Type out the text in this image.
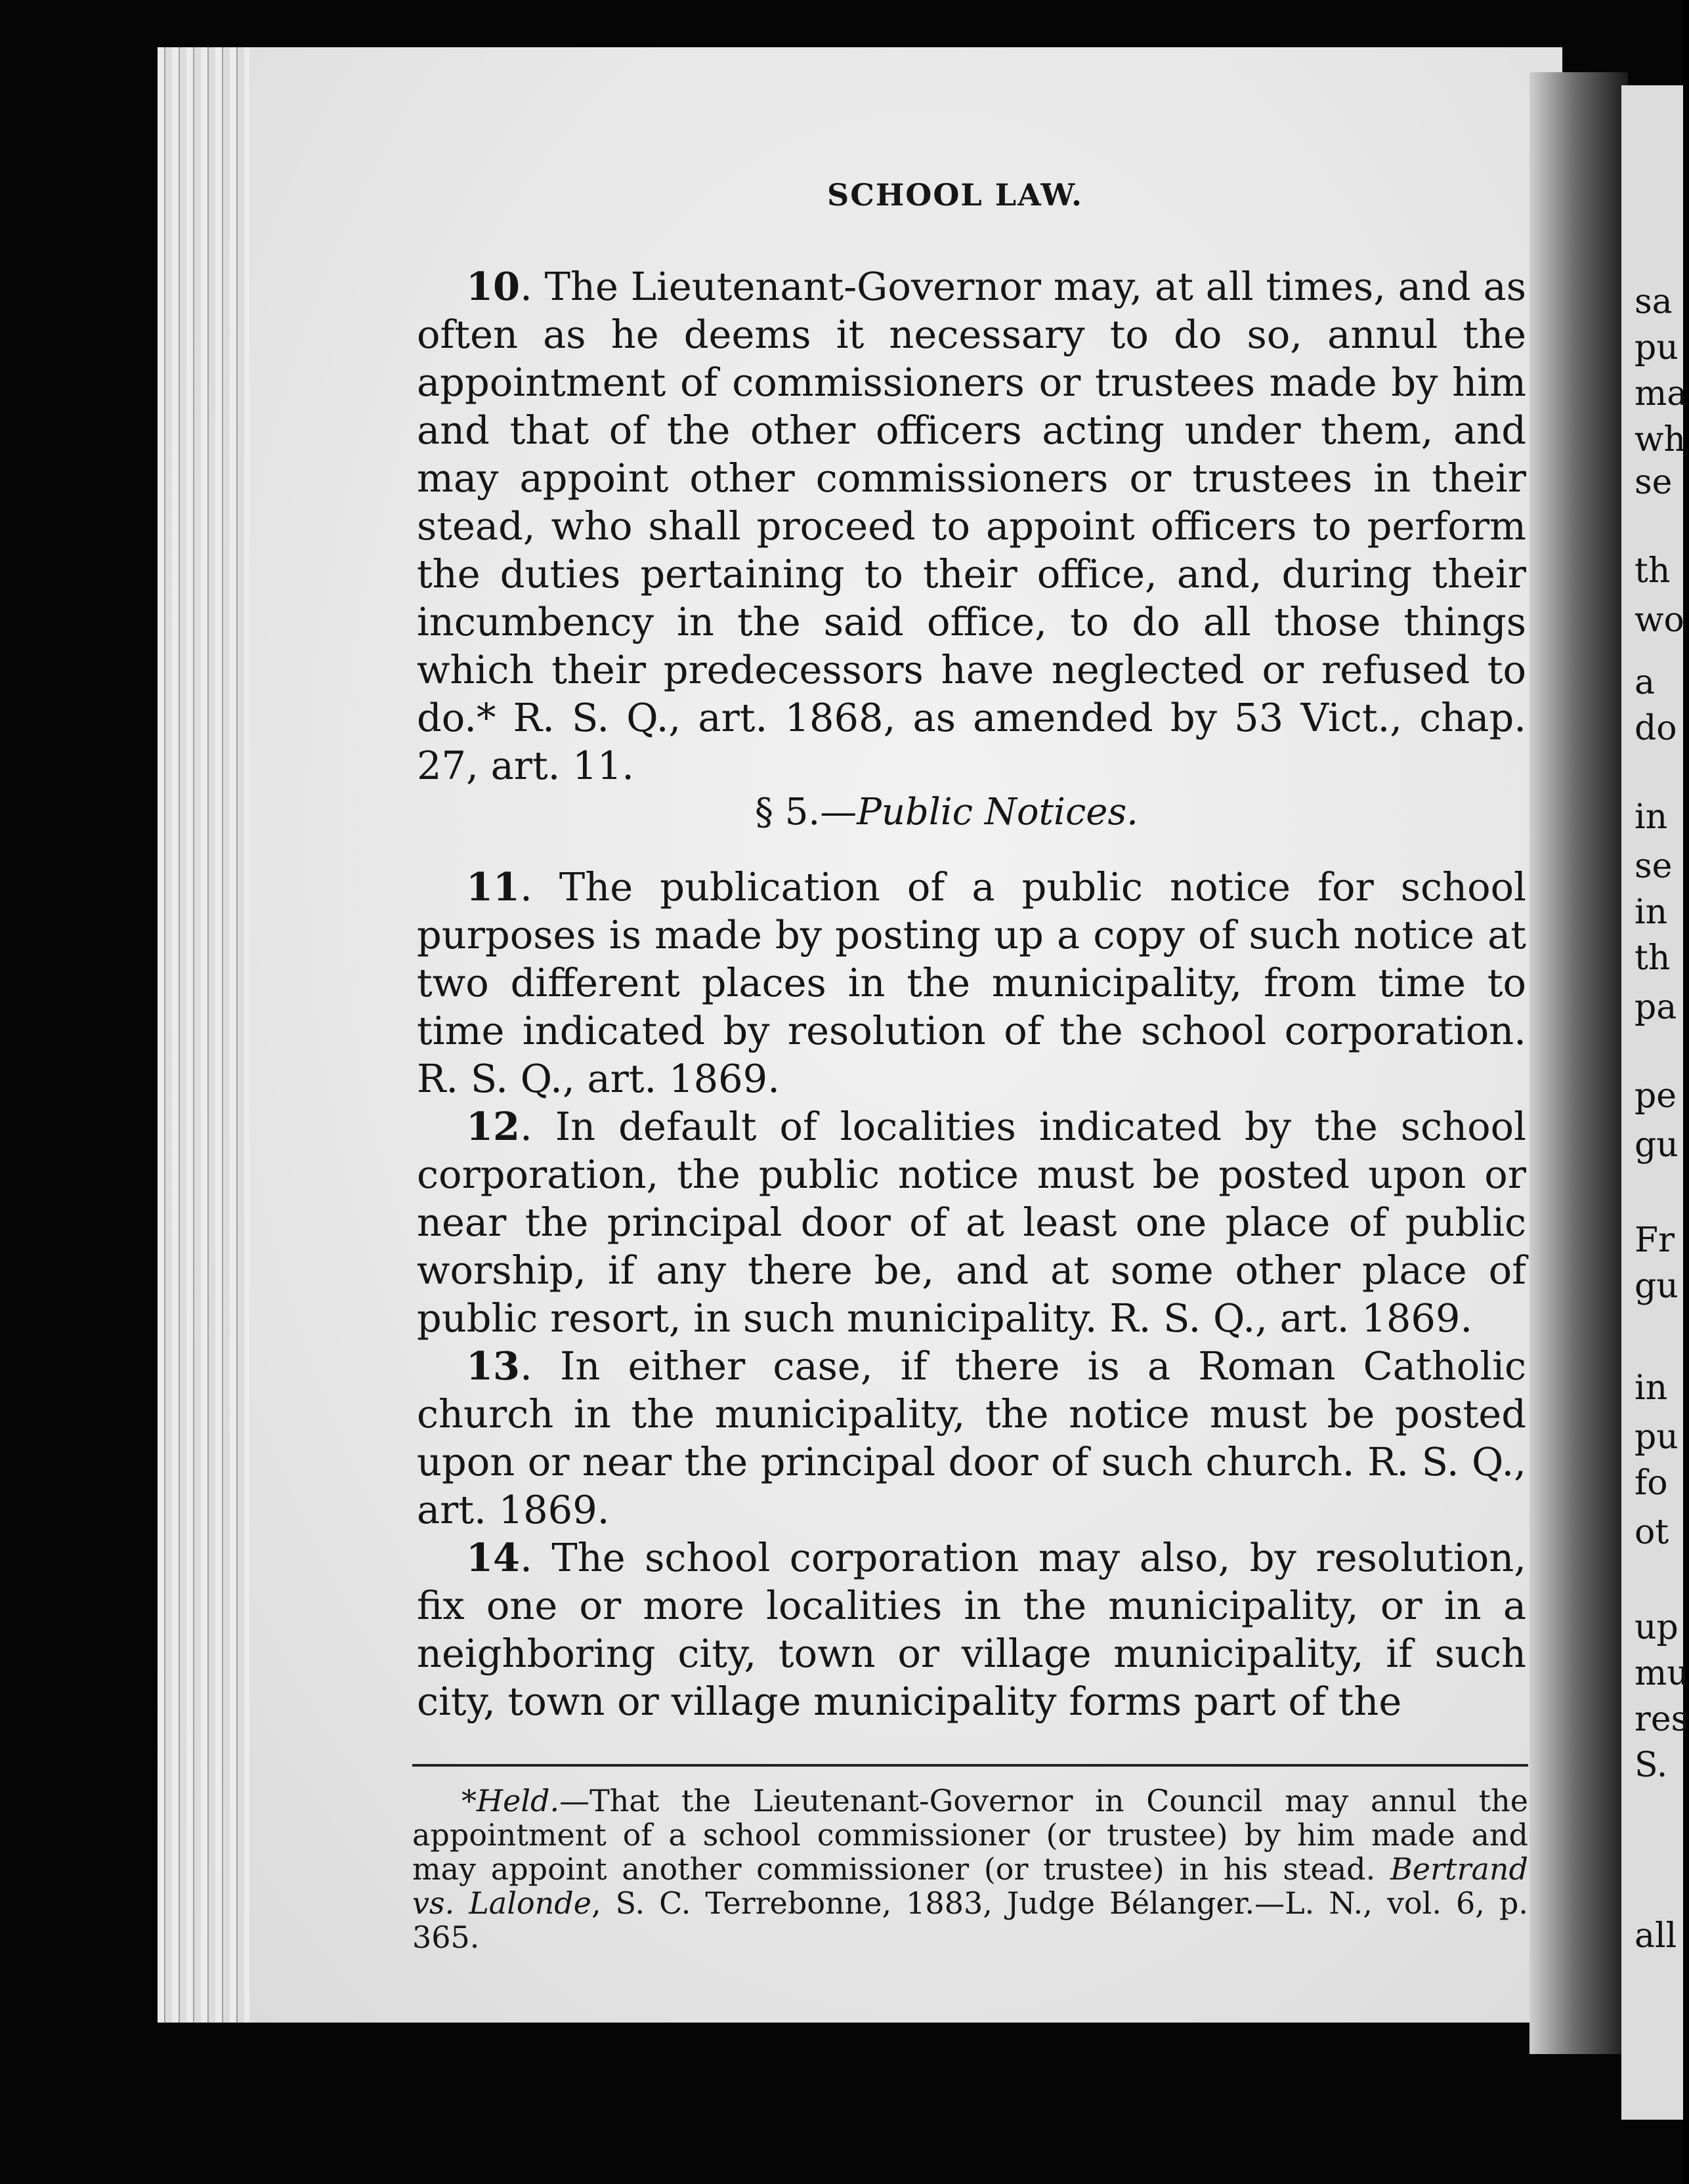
sa
pu
ma
wh
se
th
wo
a
do
in
se
in
th
pa
pe
gu
Fr
gu
in
pu
fo
ot
up
mu
res
S.
all
SCHOOL LAW.

10. The Lieutenant-Governor may, at all times, and as often as he deems it necessary to do so, annul the appointment of commissioners or trustees made by him and that of the other officers acting under them, and may appoint other commissioners or trustees in their stead, who shall proceed to appoint officers to perform the duties pertaining to their office, and, during their incumbency in the said office, to do all those things which their predecessors have neglected or refused to do.* R. S. Q., art. 1868, as amended by 53 Vict., chap. 27, art. 11.

§ 5.—Public Notices.

11. The publication of a public notice for school purposes is made by posting up a copy of such notice at two different places in the municipality, from time to time indicated by resolution of the school corporation. R. S. Q., art. 1869.

12. In default of localities indicated by the school corporation, the public notice must be posted upon or near the principal door of at least one place of public worship, if any there be, and at some other place of public resort, in such municipality. R. S. Q., art. 1869.

13. In either case, if there is a Roman Catholic church in the municipality, the notice must be posted upon or near the principal door of such church. R. S. Q., art. 1869.

14. The school corporation may also, by resolution, fix one or more localities in the municipality, or in a neighboring city, town or village municipality, if such city, town or village municipality forms part of the

*Held.—That the Lieutenant-Governor in Council may annul the appointment of a school commissioner (or trustee) by him made and may appoint another commissioner (or trustee) in his stead. Bertrand vs. Lalonde, S. C. Terrebonne, 1883, Judge Bélanger.—L. N., vol. 6, p. 365.
